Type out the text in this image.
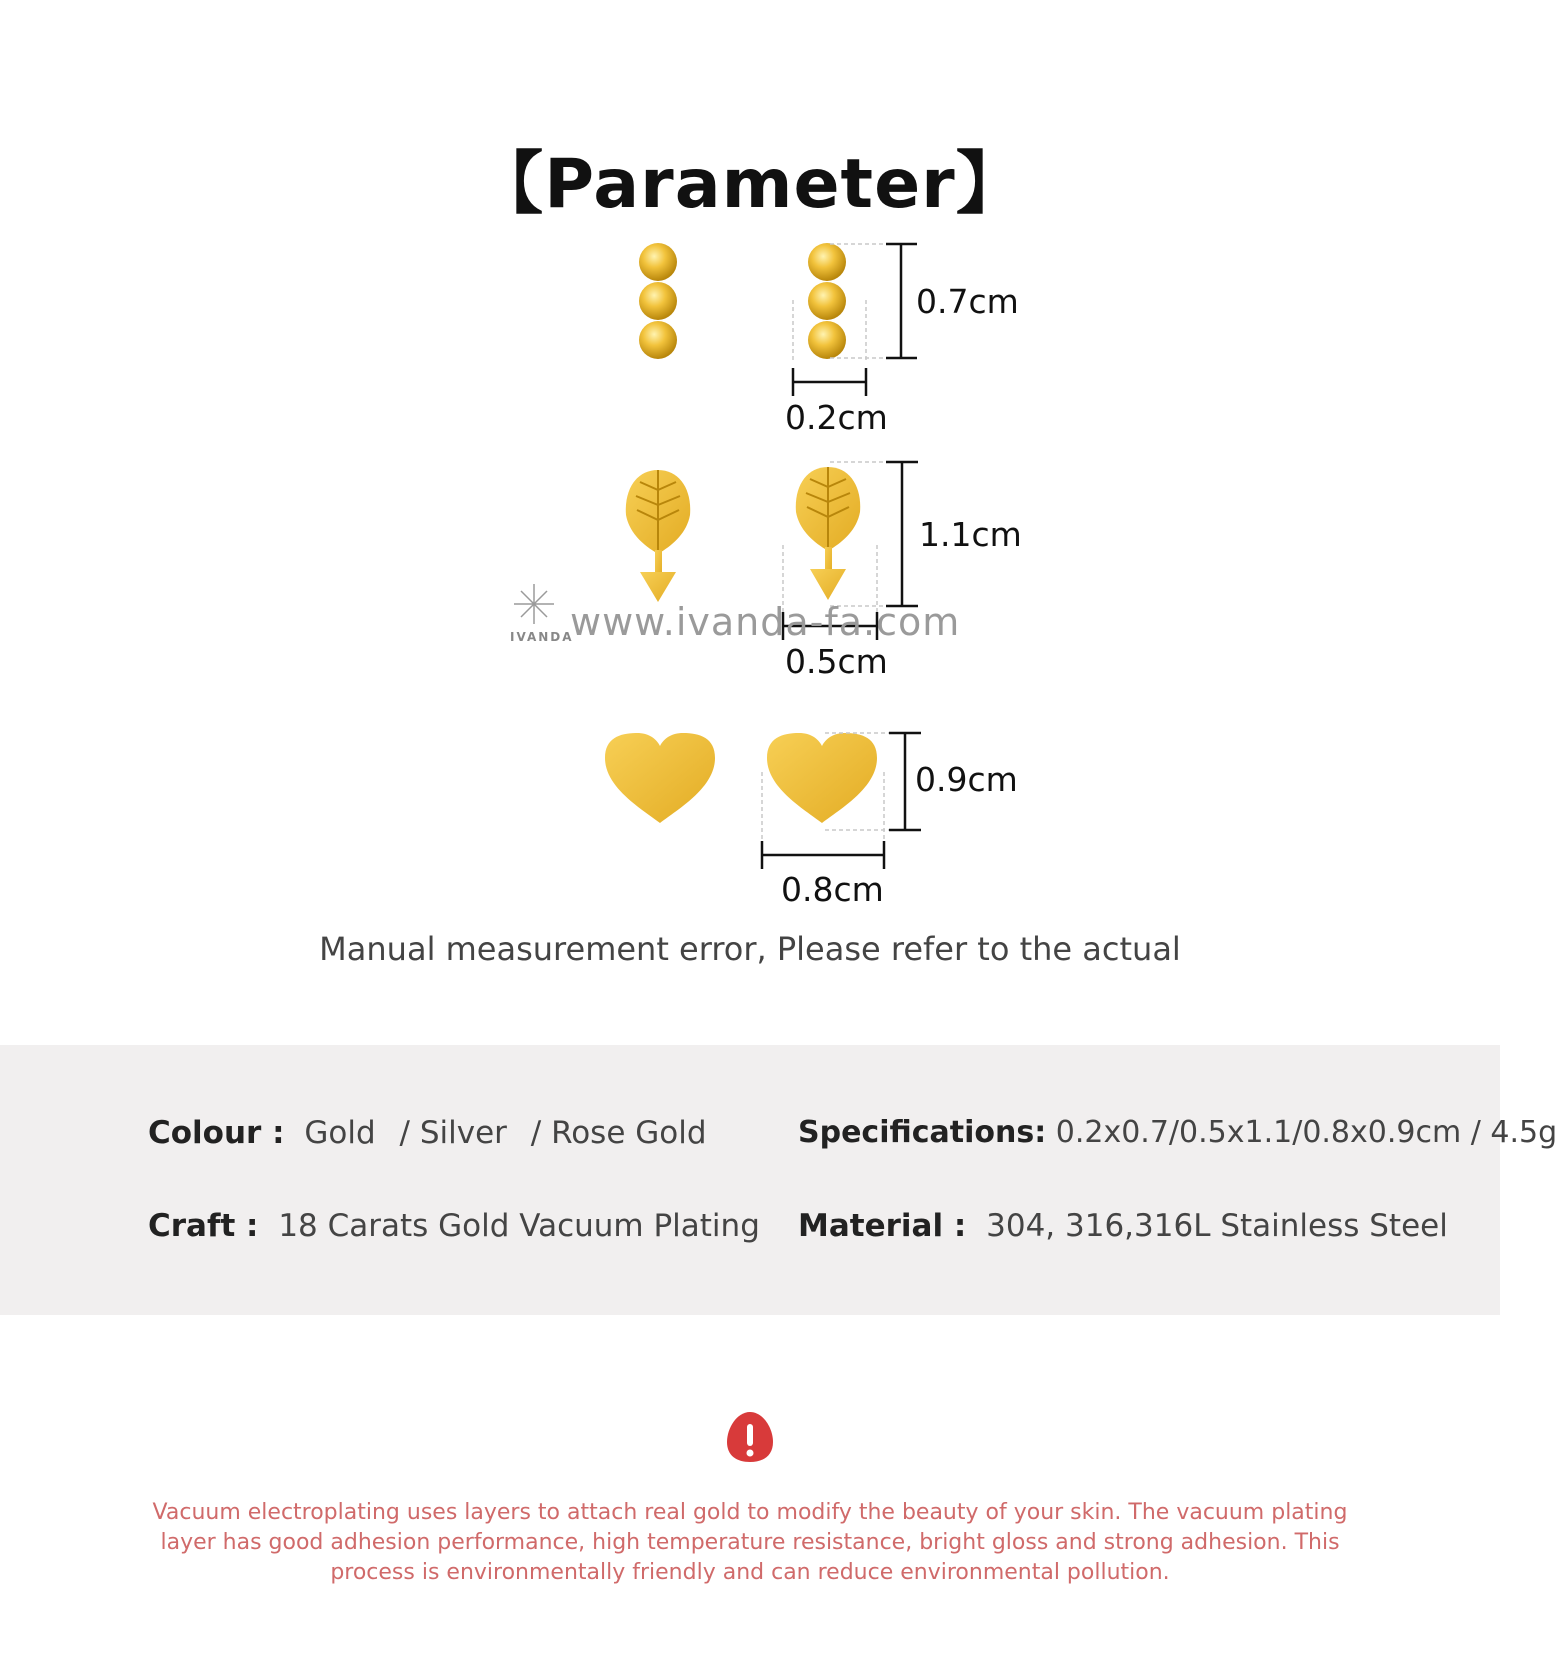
【Parameter】
0.7cm
0.2cm
1.1cm
0.5cm
0.9cm
0.8cm
www.ivanda-fa.com
IVANDA
Manual measurement error, Please refer to the actual
Colour : Gold / Silver / Rose Gold
Craft : 18 Carats Gold Vacuum Plating
Specifications: 0.2x0.7/0.5x1.1/0.8x0.9cm / 4.5g
Material : 304, 316,316L Stainless Steel
Vacuum electroplating uses layers to attach real gold to modify the beauty of your skin. The vacuum plating layer has good adhesion performance, high temperature resistance, bright gloss and strong adhesion. This process is environmentally friendly and can reduce environmental pollution.
